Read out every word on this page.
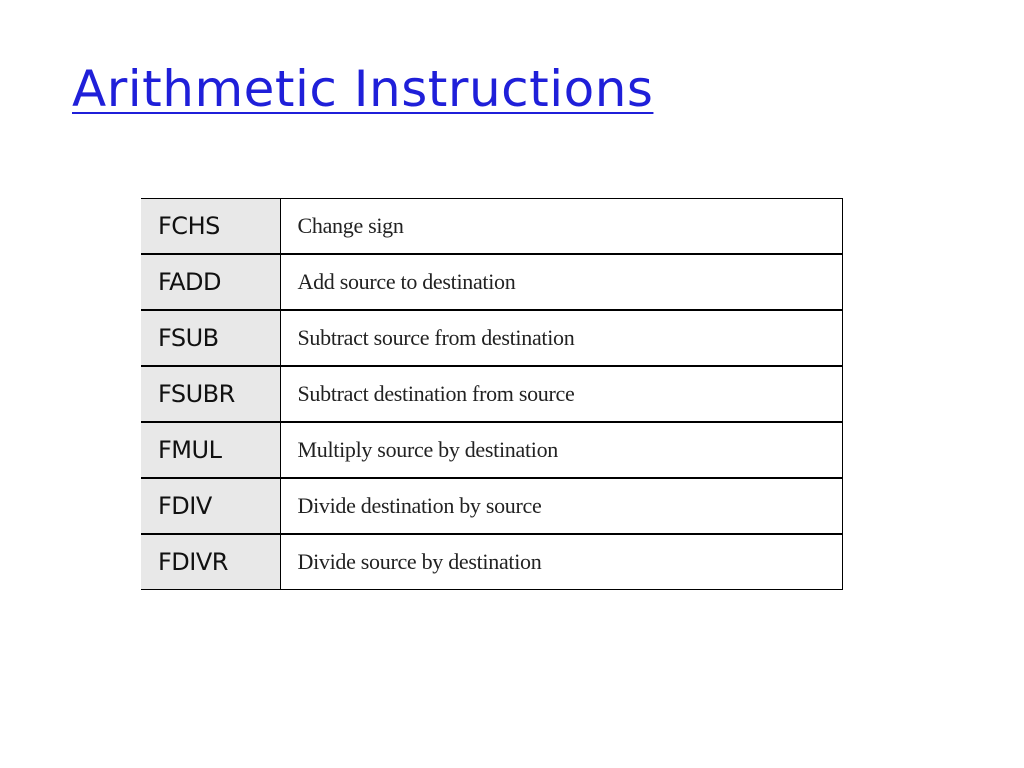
Arithmetic Instructions
FCHS	Change sign
FADD	Add source to destination
FSUB	Subtract source from destination
FSUBR	Subtract destination from source
FMUL	Multiply source by destination
FDIV	Divide destination by source
FDIVR	Divide source by destination
